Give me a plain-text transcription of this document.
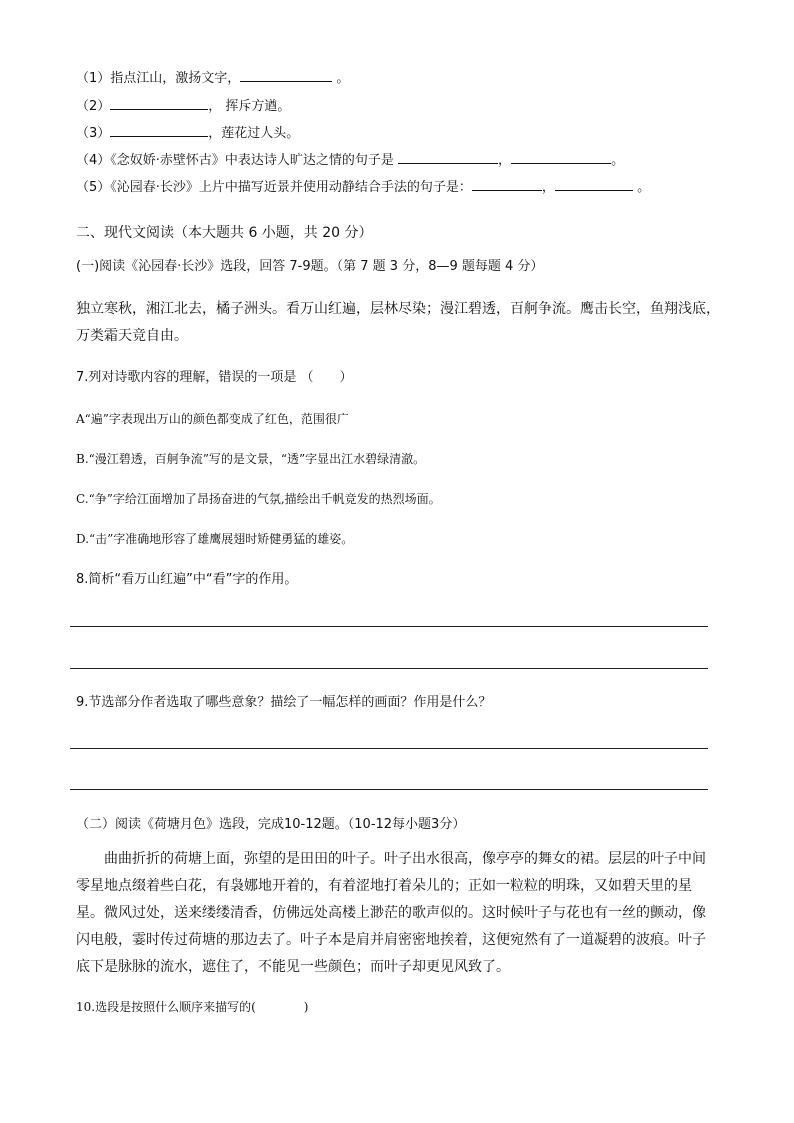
（1）指点江山，激扬文字，	。
（2）	， 挥斥方遒。
（3）	，莲花过人头。
（4）《念奴娇·赤壁怀古》中表达诗人旷达之情的句子是	，	。
（5）《沁园春·长沙》上片中描写近景并使用动静结合手法的句子是：	，	。
二、现代文阅读（本大题共 6 小题，共 20 分）
(一)阅读《沁园春·长沙》选段，回答 7-9题。（第 7 题 3 分，8—9 题每题 4 分）
独立寒秋，湘江北去，橘子洲头。看万山红遍，层林尽染；漫江碧透，百舸争流。鹰击长空，鱼翔浅底，万类霜天竞自由。
7.列对诗歌内容的理解，错误的一项是 （　　）
A“遍”字表现出万山的颜色都变成了红色，范围很广
B.“漫江碧透，百舸争流”写的是文景，“透”字显出江水碧绿清澈。
C.“争”字给江面增加了昂扬奋进的气氛,描绘出千帆竞发的热烈场面。
D.“击”字准确地形容了雄鹰展翅时矫健勇猛的雄姿。
8.简析“看万山红遍”中“看”字的作用。
9.节选部分作者选取了哪些意象？描绘了一幅怎样的画面？作用是什么？
（二）阅读《荷塘月色》选段，完成10-12题。（10-12每小题3分）
曲曲折折的荷塘上面，弥望的是田田的叶子。叶子出水很高，像亭亭的舞女的裙。层层的叶子中间零星地点缀着些白花，有袅娜地开着的，有着涩地打着朵儿的；正如一粒粒的明珠，又如碧天里的星星。微风过处，送来缕缕清香，仿佛远处高楼上渺茫的歌声似的。这时候叶子与花也有一丝的颤动，像闪电般，霎时传过荷塘的那边去了。叶子本是肩并肩密密地挨着，这便宛然有了一道凝碧的波痕。叶子底下是脉脉的流水，遮住了，不能见一些颜色；而叶子却更见风致了。
10.选段是按照什么顺序来描写的(　　　　)
